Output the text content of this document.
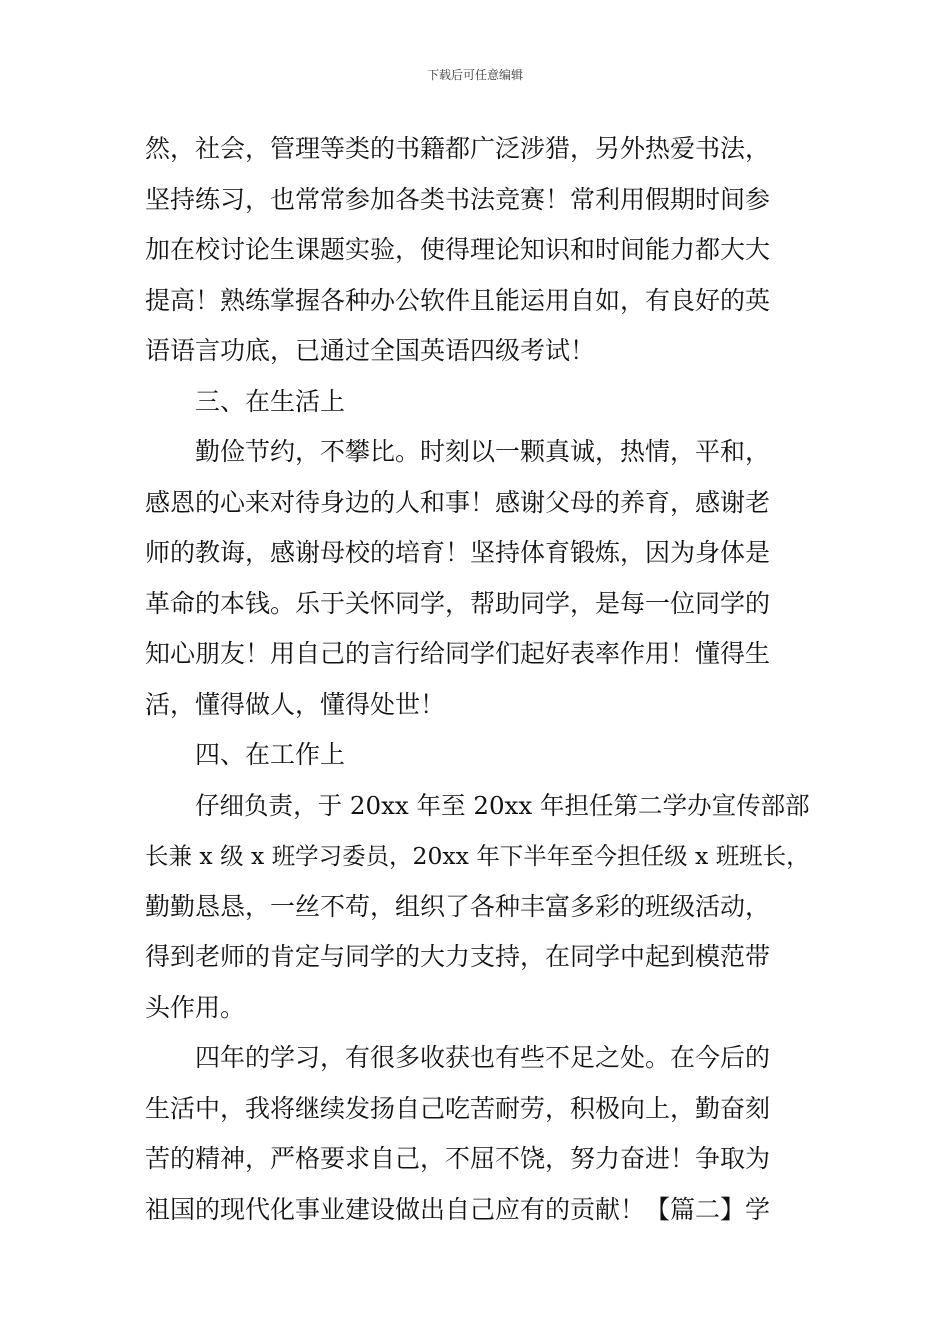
下载后可任意编辑
然，社会，管理等类的书籍都广泛涉猎，另外热爱书法，
坚持练习，也常常参加各类书法竞赛！常利用假期时间参
加在校讨论生课题实验，使得理论知识和时间能力都大大
提高！熟练掌握各种办公软件且能运用自如，有良好的英
语语言功底，已通过全国英语四级考试！
三、在生活上
勤俭节约，不攀比。时刻以一颗真诚，热情，平和，
感恩的心来对待身边的人和事！感谢父母的养育，感谢老
师的教诲，感谢母校的培育！坚持体育锻炼，因为身体是
革命的本钱。乐于关怀同学，帮助同学，是每一位同学的
知心朋友！用自己的言行给同学们起好表率作用！懂得生
活，懂得做人，懂得处世！
四、在工作上
仔细负责，于 20xx 年至 20xx 年担任第二学办宣传部部
长兼 x 级 x 班学习委员，20xx 年下半年至今担任级 x 班班长，
勤勤恳恳，一丝不苟，组织了各种丰富多彩的班级活动，
得到老师的肯定与同学的大力支持，在同学中起到模范带
头作用。
四年的学习，有很多收获也有些不足之处。在今后的
生活中，我将继续发扬自己吃苦耐劳，积极向上，勤奋刻
苦的精神，严格要求自己，不屈不饶，努力奋进！争取为
祖国的现代化事业建设做出自己应有的贡献！【篇二】学
